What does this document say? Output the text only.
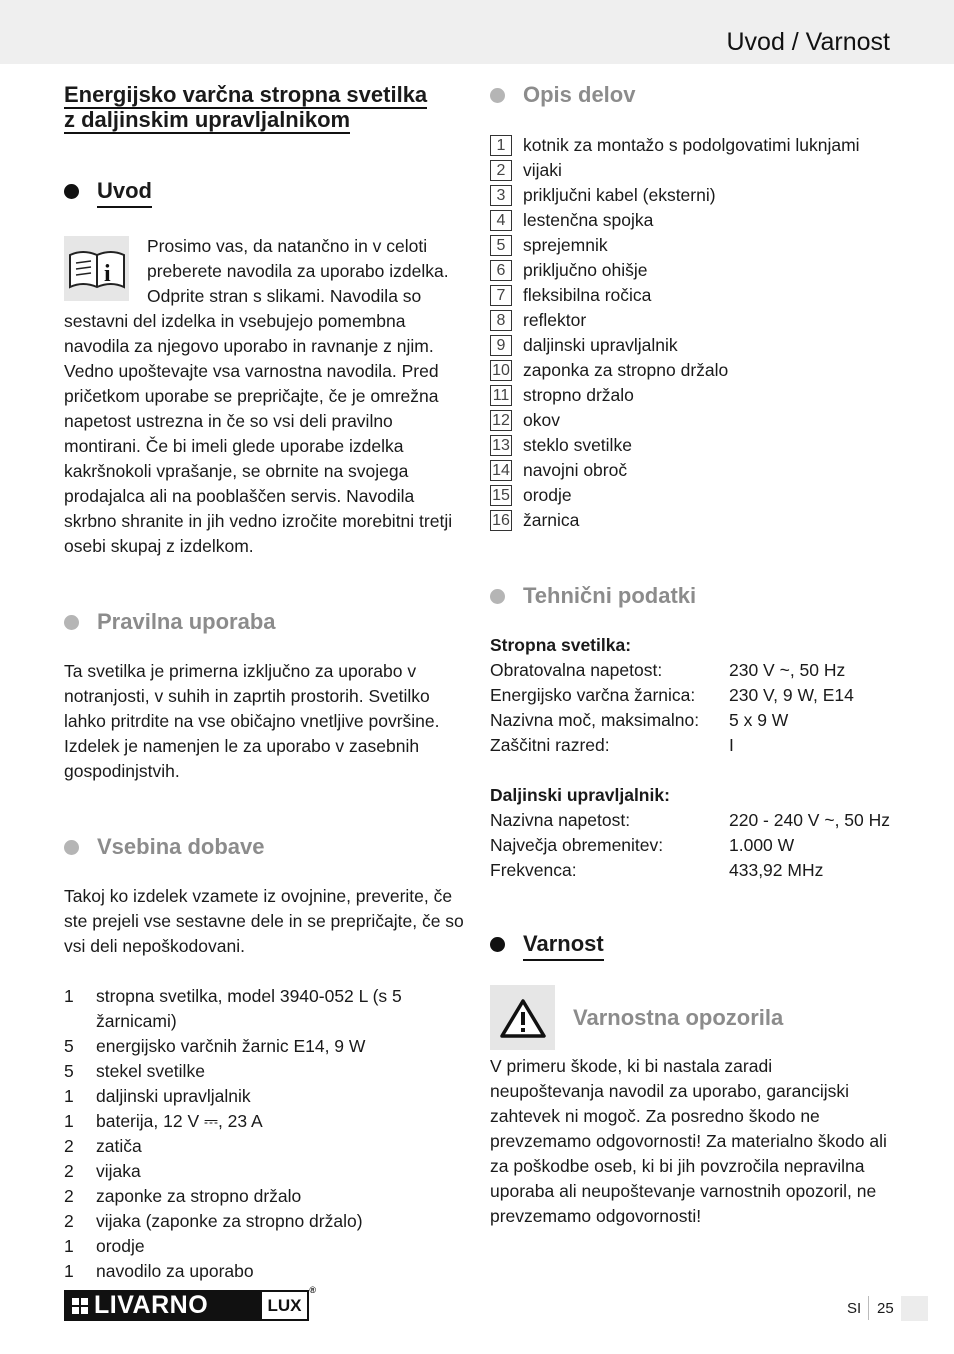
Uvod / Varnost
Energijsko varčna stropna svetilka
z daljinskim upravljalnikom
Uvod
i

Prosimo vas, da natančno in v celoti preberete navodila za uporabo izdelka. Odprite stran s slikami. Navodila so sestavni del izdelka in vsebujejo pomembna navodila za njegovo uporabo in ravnanje z njim. Vedno upoštevajte vsa varnostna navodila. Pred pričetkom uporabe se prepričajte, če je omrežna napetost ustrezna in če so vsi deli pravilno montirani. Če bi imeli glede uporabe izdelka kakršnokoli vprašanje, se obrnite na svojega prodajalca ali na pooblaščen servis. Navodila skrbno shranite in jih vedno izročite morebitni tretji osebi skupaj z izdelkom.

Pravilna uporaba

Ta svetilka je primerna izključno za uporabo v notranjosti, v suhih in zaprtih prostorih. Svetilko lahko pritrdite na vse običajno vnetljive površine. Izdelek je namenjen le za uporabo v zasebnih gospodinjstvih.

Vsebina dobave

Takoj ko izdelek vzamete iz ovojnine, preverite, če ste prejeli vse sestavne dele in se prepričajte, če so vsi deli nepoškodovani.

1	stropna svetilka, model 3940-052 L (s 5 žarnicami)
5	energijsko varčnih žarnic E14, 9 W
5	stekel svetilke
1	daljinski upravljalnik
1	baterija, 12 V ⎓, 23 A
2	zatiča
2	vijaka
2	zaponke za stropno držalo
2	vijaka (zaponke za stropno držalo)
1	orodje
1	navodilo za uporabo
Opis delov
1	kotnik za montažo s podolgovatimi luknjami
2	vijaki
3	priključni kabel (eksterni)
4	lestenčna spojka
5	sprejemnik
6	priključno ohišje
7	fleksibilna ročica
8	reflektor
9	daljinski upravljalnik
10 zaponka za stropno držalo
11 stropno držalo
12 okov
13 steklo svetilke
14 navojni obroč
15 orodje
16 žarnica
Tehnični podatki
Stropna svetilka:
Obratovalna napetost:	230 V ~, 50 Hz
Energijsko varčna žarnica:	230 V, 9 W, E14
Nazivna moč, maksimalno:	5 x 9 W
Zaščitni razred:	I
Daljinski upravljalnik:
Nazivna napetost:	220 - 240 V ~, 50 Hz
Največja obremenitev:	1.000 W
Frekvenca:	433,92 MHz
Varnost
Varnostna opozorila

V primeru škode, ki bi nastala zaradi neupoštevanja navodil za uporabo, garancijski zahtevek ni mogoč. Za posredno škodo ne prevzemamo odgovornosti! Za materialno škodo ali za poškodbe oseb, ki bi jih povzročila nepravilna uporaba ali neupoštevanje varnostnih opozoril, ne prevzemamo odgovornosti!

LIVARNO	LUX
®
SI 25
